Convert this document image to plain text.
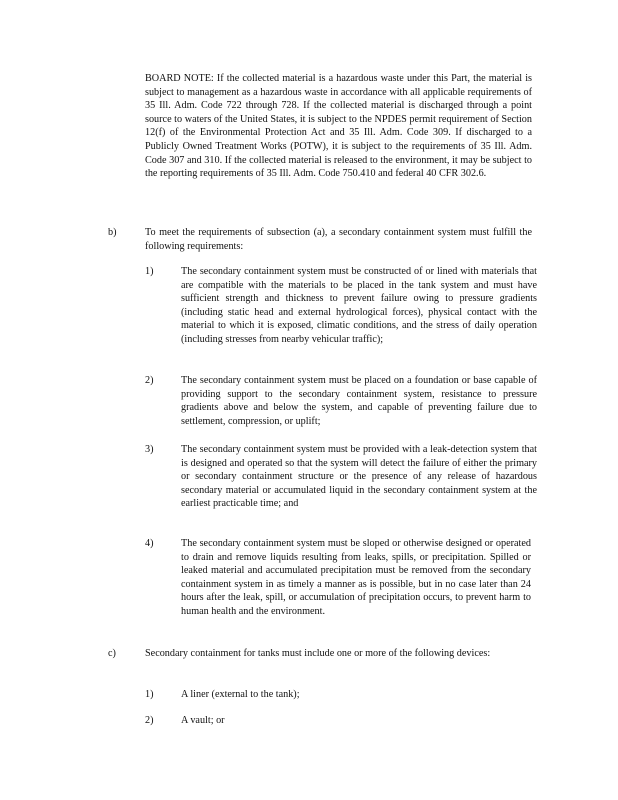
BOARD NOTE: If the collected material is a hazardous waste under this Part, the material is subject to management as a hazardous waste in accordance with all applicable requirements of 35 Ill. Adm. Code 722 through 728. If the collected material is discharged through a point source to waters of the United States, it is subject to the NPDES permit requirement of Section 12(f) of the Environmental Protection Act and 35 Ill. Adm. Code 309. If discharged to a Publicly Owned Treatment Works (POTW), it is subject to the requirements of 35 Ill. Adm. Code 307 and 310. If the collected material is released to the environment, it may be subject to the reporting requirements of 35 Ill. Adm. Code 750.410 and federal 40 CFR 302.6.

b)	To meet the requirements of subsection (a), a secondary containment system must fulfill the following requirements:

1)	The secondary containment system must be constructed of or lined with materials that are compatible with the materials to be placed in the tank system and must have sufficient strength and thickness to prevent failure owing to pressure gradients (including static head and external hydrological forces), physical contact with the material to which it is exposed, climatic conditions, and the stress of daily operation (including stresses from nearby vehicular traffic);

2)	The secondary containment system must be placed on a foundation or base capable of providing support to the secondary containment system, resistance to pressure gradients above and below the system, and capable of preventing failure due to settlement, compression, or uplift;

3)	The secondary containment system must be provided with a leak-detection system that is designed and operated so that the system will detect the failure of either the primary or secondary containment structure or the presence of any release of hazardous secondary material or accumulated liquid in the secondary containment system at the earliest practicable time; and

4)	The secondary containment system must be sloped or otherwise designed or operated to drain and remove liquids resulting from leaks, spills, or precipitation. Spilled or leaked material and accumulated precipitation must be removed from the secondary containment system in as timely a manner as is possible, but in no case later than 24 hours after the leak, spill, or accumulation of precipitation occurs, to prevent harm to human health and the environment.

c)	Secondary containment for tanks must include one or more of the following devices:

1)	A liner (external to the tank);

2)	A vault; or
